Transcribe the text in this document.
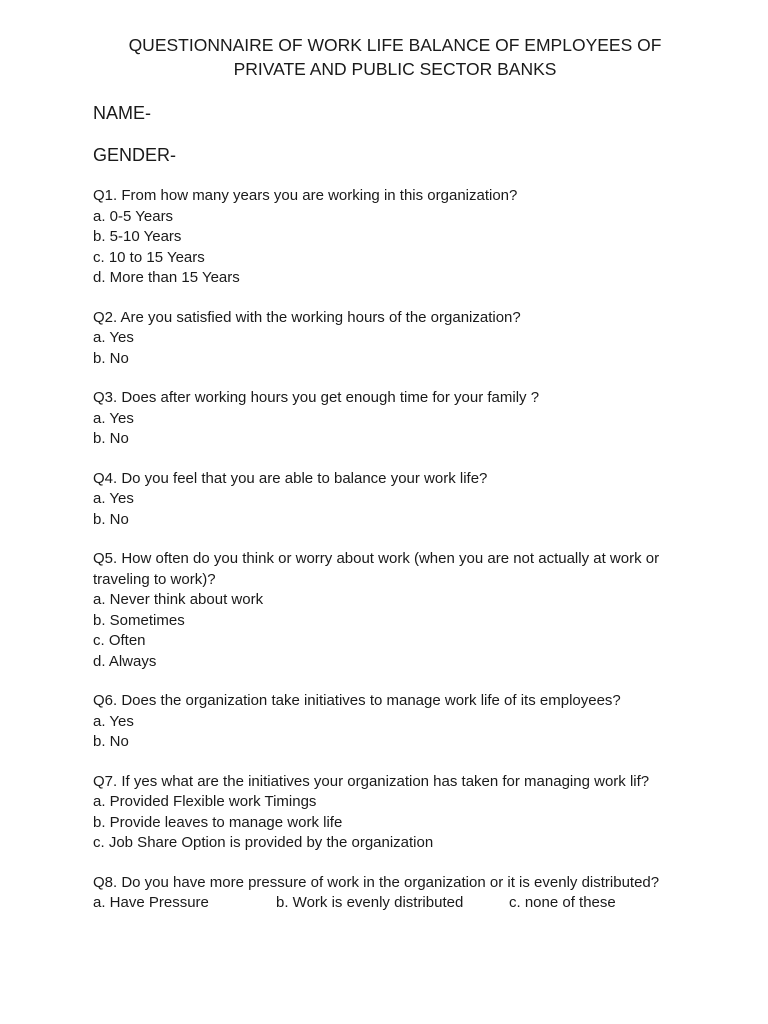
QUESTIONNAIRE OF WORK LIFE BALANCE OF EMPLOYEES OF
PRIVATE AND PUBLIC SECTOR BANKS

NAME-

GENDER-

Q1. From how many years you are working in this organization?
a. 0-5 Years
b. 5-10 Years
c. 10 to 15 Years
d. More than 15 Years
Q2. Are you satisfied with the working hours of the organization?
a. Yes
b. No
Q3. Does after working hours you get enough time for your family ?
a. Yes
b. No
Q4. Do you feel that you are able to balance your work life?
a. Yes
b. No
Q5. How often do you think or worry about work (when you are not actually at work or traveling to work)?
a. Never think about work
b. Sometimes
c. Often
d. Always
Q6. Does the organization take initiatives to manage work life of its employees?
a. Yes
b. No
Q7. If yes what are the initiatives your organization has taken for managing work lif?
a. Provided Flexible work Timings
b. Provide leaves to manage work life
c. Job Share Option is provided by the organization
Q8. Do you have more pressure of work in the organization or it is evenly distributed?
a. Have Pressure	b. Work is evenly distributed	c. none of these
